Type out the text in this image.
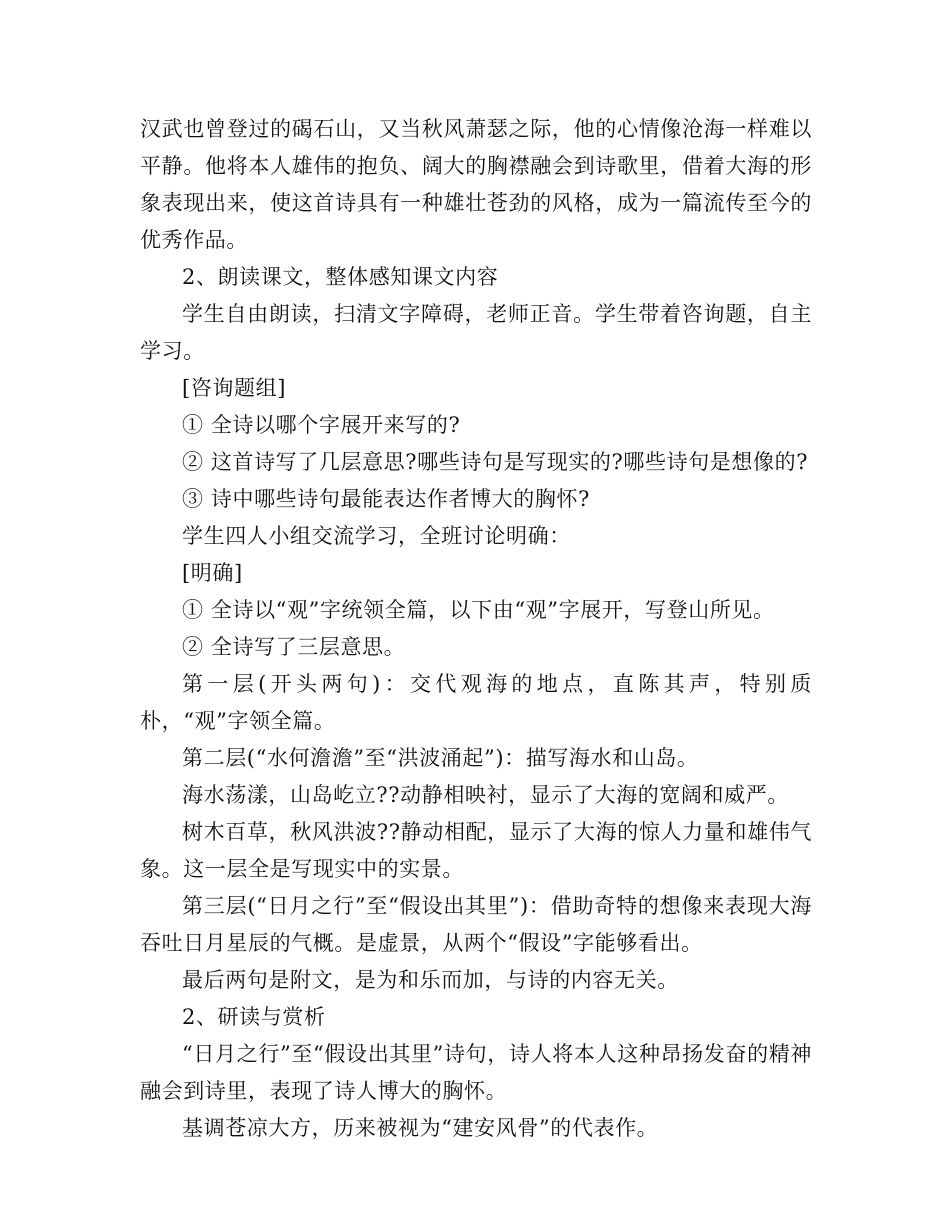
汉武也曾登过的碣石山，又当秋风萧瑟之际，他的心情像沧海一样难以平静。他将本人雄伟的抱负、阔大的胸襟融会到诗歌里，借着大海的形象表现出来，使这首诗具有一种雄壮苍劲的风格，成为一篇流传至今的优秀作品。

2、朗读课文，整体感知课文内容

学生自由朗读，扫清文字障碍，老师正音。学生带着咨询题，自主学习。

[咨询题组]

① 全诗以哪个字展开来写的?

② 这首诗写了几层意思?哪些诗句是写现实的?哪些诗句是想像的?

③ 诗中哪些诗句最能表达作者博大的胸怀?

学生四人小组交流学习，全班讨论明确：

[明确]

① 全诗以“观”字统领全篇，以下由“观”字展开，写登山所见。

② 全诗写了三层意思。

第一层(开头两句)：交代观海的地点，直陈其声，特别质朴，“观”字领全篇。

第二层(“水何澹澹”至“洪波涌起”)：描写海水和山岛。

海水荡漾，山岛屹立??动静相映衬，显示了大海的宽阔和威严。

树木百草，秋风洪波??静动相配，显示了大海的惊人力量和雄伟气象。这一层全是写现实中的实景。

第三层(“日月之行”至“假设出其里”)：借助奇特的想像来表现大海吞吐日月星辰的气概。是虚景，从两个“假设”字能够看出。

最后两句是附文，是为和乐而加，与诗的内容无关。

2、研读与赏析

“日月之行”至“假设出其里”诗句，诗人将本人这种昂扬发奋的精神融会到诗里，表现了诗人博大的胸怀。

基调苍凉大方，历来被视为“建安风骨”的代表作。
